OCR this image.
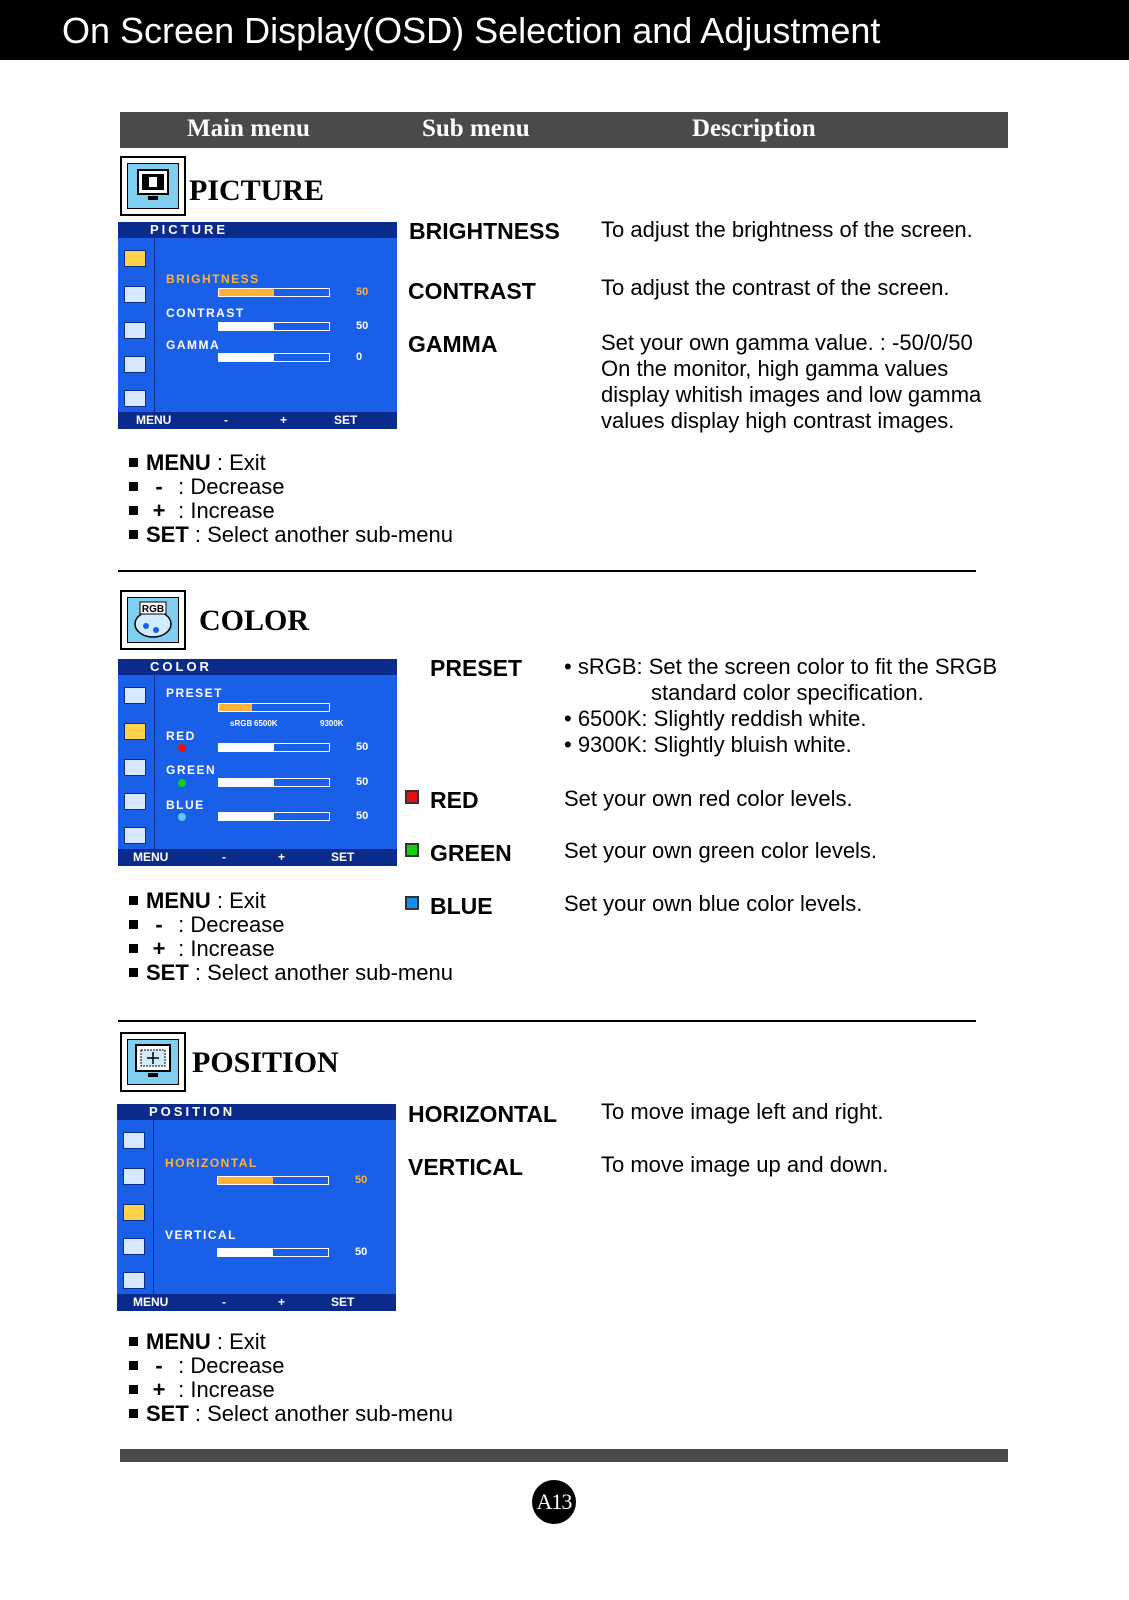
On Screen Display(OSD) Selection and Adjustment
Main menu	Sub menu	Description
PICTURE
PICTURE
BRIGHTNESS
50
CONTRAST
50
GAMMA
0
MENU	-	+	SET
BRIGHTNESS To adjust the brightness of the screen.
CONTRAST	To adjust the contrast of the screen.
GAMMA	Set your own gamma value. : -50/0/50
On the monitor, high gamma values
display whitish images and low gamma
values display high contrast images.
MENU : Exit
- : Decrease
+ : Increase
SET : Select another sub-menu
RGB COLOR
COLOR
PRESET
sRGB 6500K	9300K
RED
50
GREEN
50
BLUE
50
MENU	-	+	SET
PRESET • sRGB: Set the screen color to fit the SRGB
standard color specification.
• 6500K: Slightly reddish white.
• 9300K: Slightly bluish white.
RED	Set your own red color levels.
GREEN Set your own green color levels.
BLUE	Set your own blue color levels.
MENU : Exit
- : Decrease
+ : Increase
SET : Select another sub-menu
POSITION
POSITION
HORIZONTAL
50
VERTICAL
50
MENU	-	+	SET
HORIZONTAL To move image left and right.
VERTICAL	To move image up and down.
MENU : Exit
- : Decrease
+ : Increase
SET : Select another sub-menu
A13
